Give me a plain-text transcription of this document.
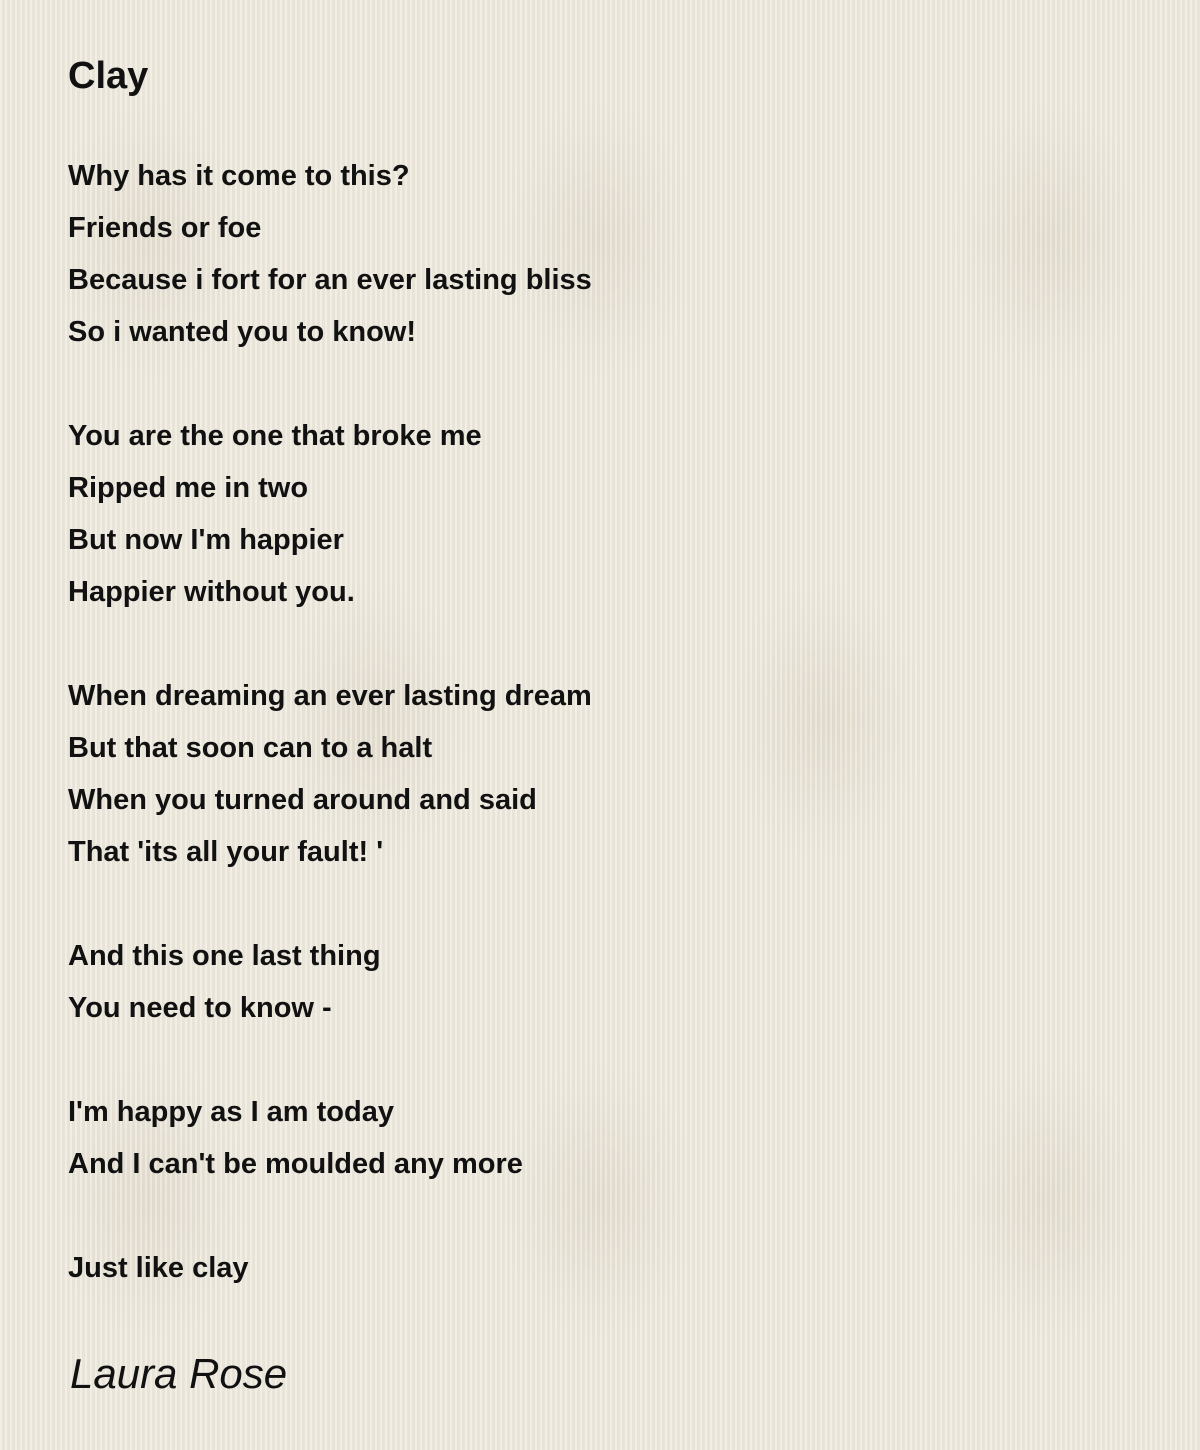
Clay
Why has it come to this?
Friends or foe
Because i fort for an ever lasting bliss
So i wanted you to know!
You are the one that broke me
Ripped me in two
But now I'm happier
Happier without you.
When dreaming an ever lasting dream
But that soon can to a halt
When you turned around and said
That 'its all your fault! '
And this one last thing
You need to know -
I'm happy as I am today
And I can't be moulded any more
Just like clay
Laura Rose
